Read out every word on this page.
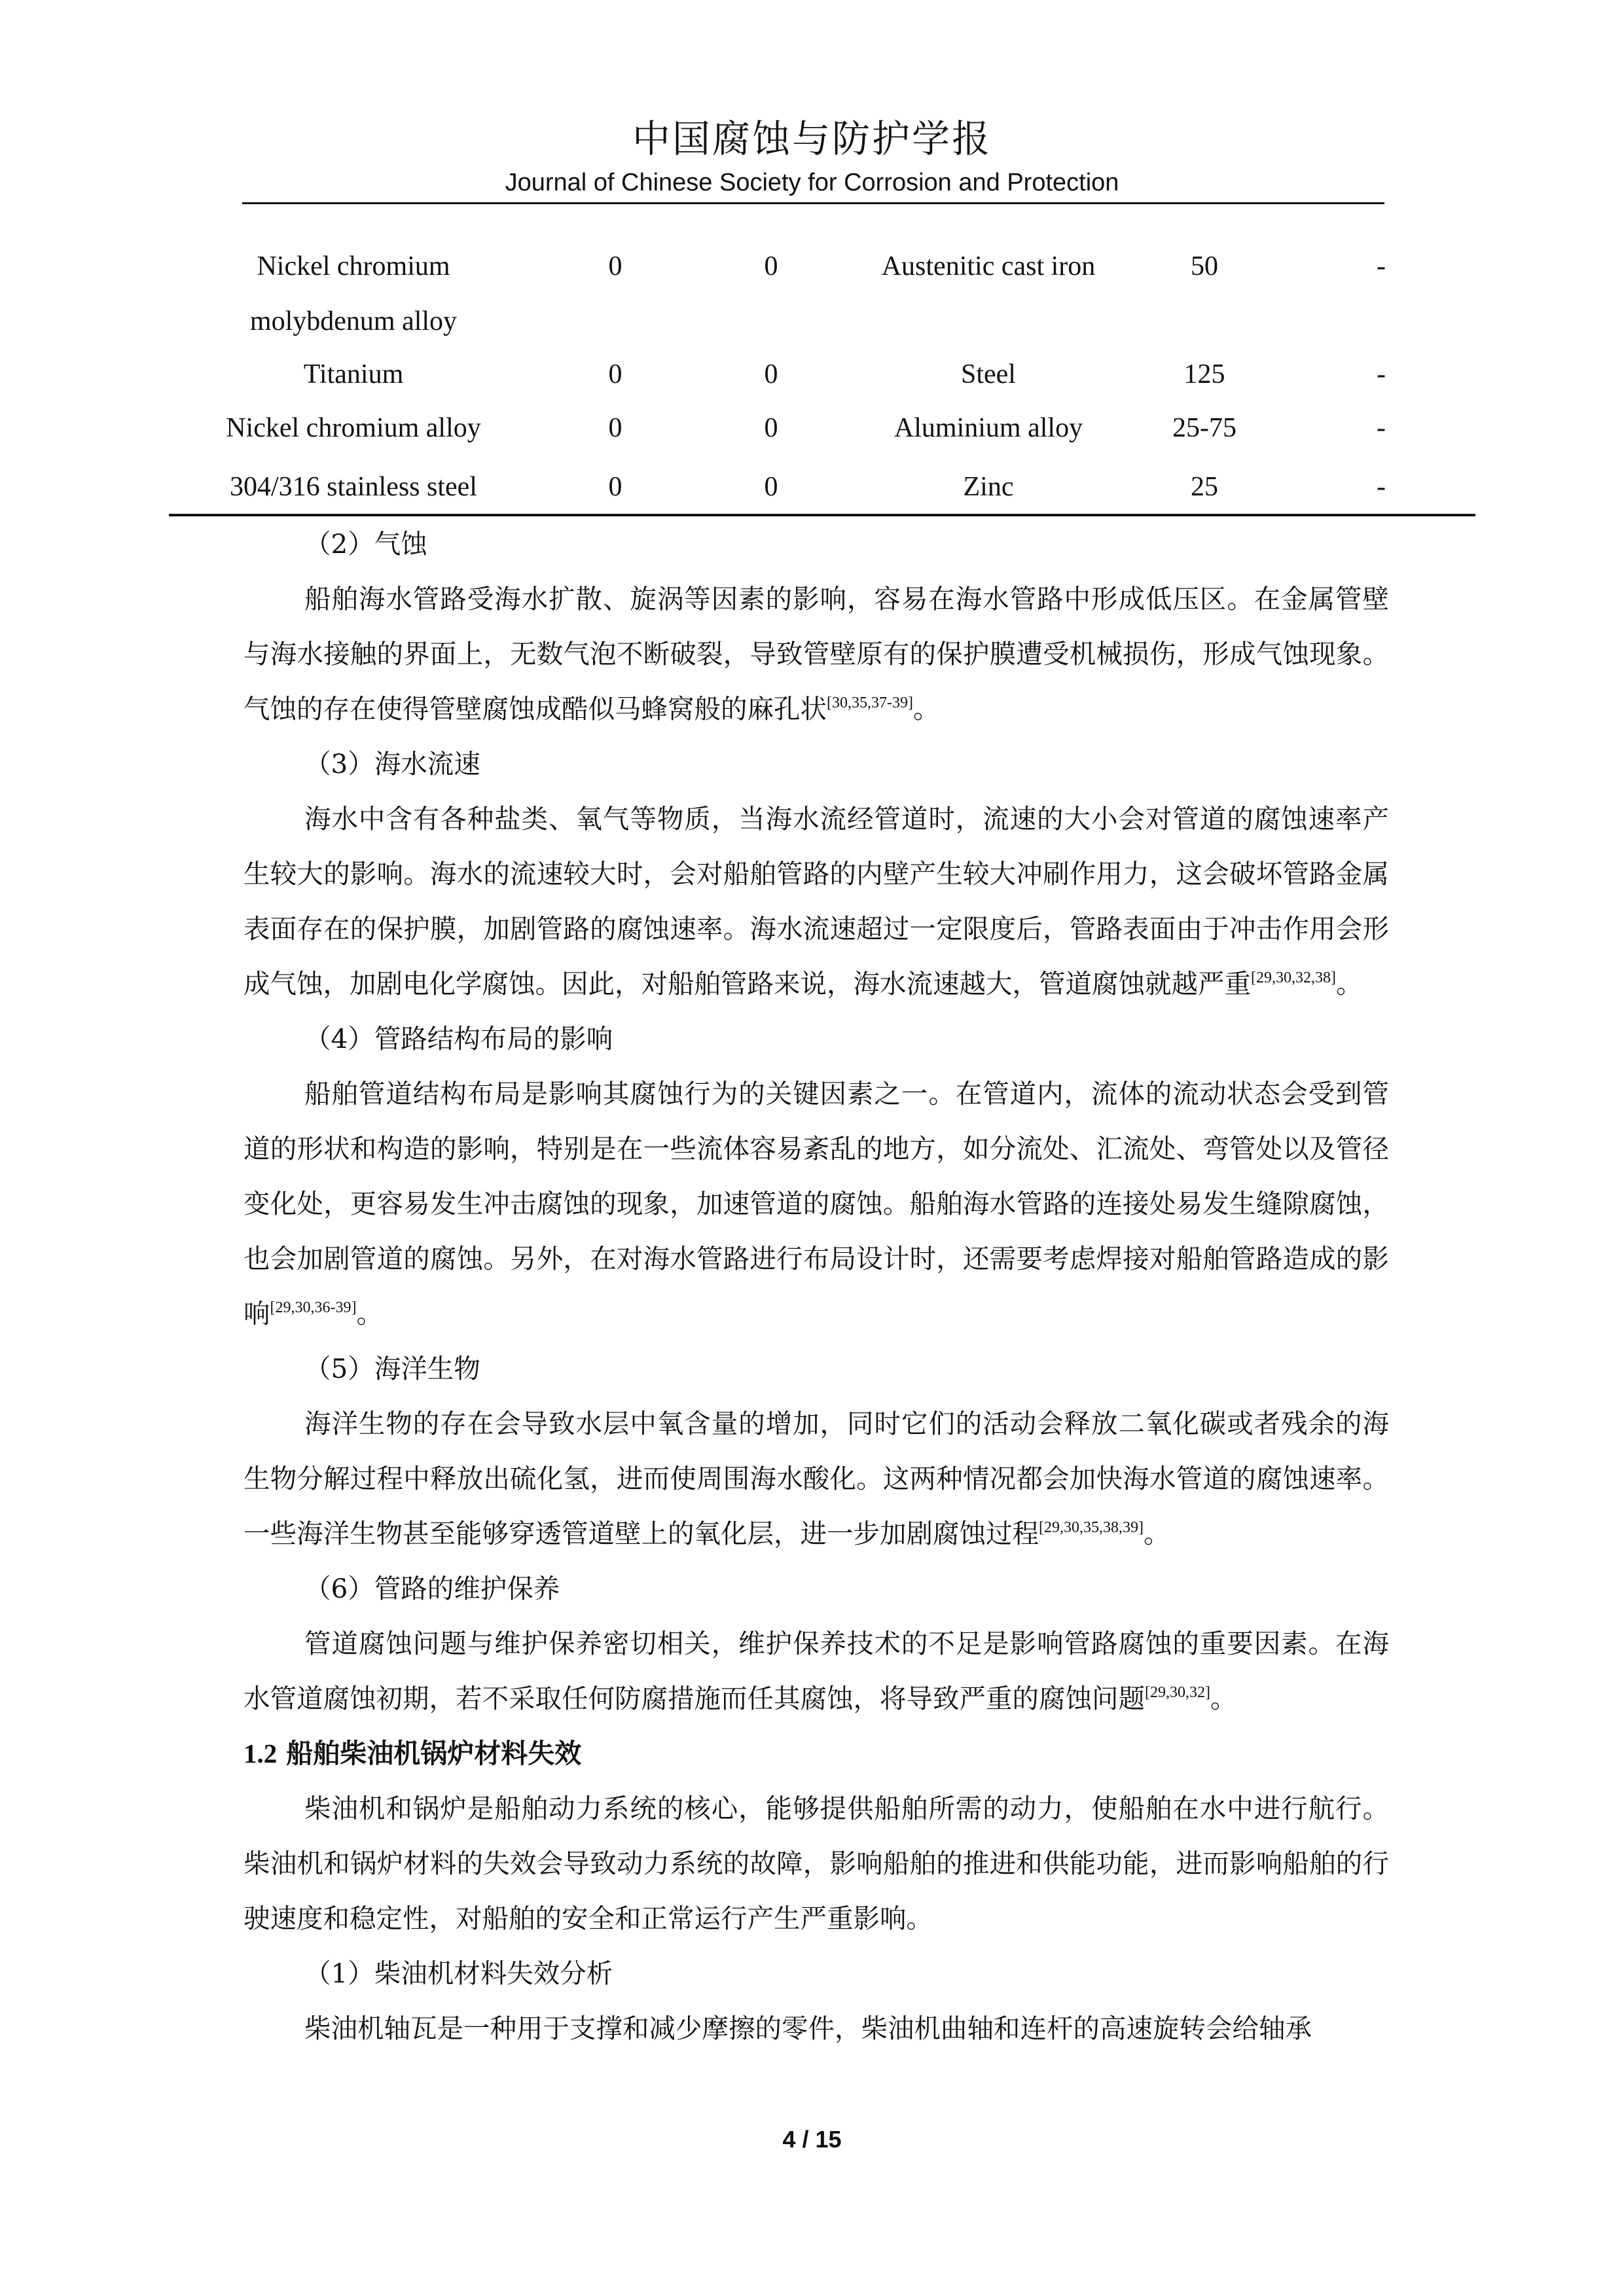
中国腐蚀与防护学报
Journal of Chinese Society for Corrosion and Protection
Nickel chromium	0	0	Austenitic cast iron	50	-
molybdenum alloy
Titanium	0	0	Steel	125	-
Nickel chromium alloy	0	0	Aluminium alloy	25-75	-
304/316 stainless steel	0	0	Zinc	25	-

（2）气蚀

船舶海水管路受海水扩散、旋涡等因素的影响，容易在海水管路中形成低压区。在金属管壁与海水接触的界面上，无数气泡不断破裂，导致管壁原有的保护膜遭受机械损伤，形成气蚀现象。气蚀的存在使得管壁腐蚀成酷似马蜂窝般的麻孔状[30,35,37-39]。

（3）海水流速

海水中含有各种盐类、氧气等物质，当海水流经管道时，流速的大小会对管道的腐蚀速率产生较大的影响。海水的流速较大时，会对船舶管路的内壁产生较大冲刷作用力，这会破坏管路金属表面存在的保护膜，加剧管路的腐蚀速率。海水流速超过一定限度后，管路表面由于冲击作用会形成气蚀，加剧电化学腐蚀。因此，对船舶管路来说，海水流速越大，管道腐蚀就越严重[29,30,32,38]。

（4）管路结构布局的影响

船舶管道结构布局是影响其腐蚀行为的关键因素之一。在管道内，流体的流动状态会受到管道的形状和构造的影响，特别是在一些流体容易紊乱的地方，如分流处、汇流处、弯管处以及管径变化处，更容易发生冲击腐蚀的现象，加速管道的腐蚀。船舶海水管路的连接处易发生缝隙腐蚀，也会加剧管道的腐蚀。另外，在对海水管路进行布局设计时，还需要考虑焊接对船舶管路造成的影响[29,30,36-39]。

（5）海洋生物

海洋生物的存在会导致水层中氧含量的增加，同时它们的活动会释放二氧化碳或者残余的海生物分解过程中释放出硫化氢，进而使周围海水酸化。这两种情况都会加快海水管道的腐蚀速率。一些海洋生物甚至能够穿透管道壁上的氧化层，进一步加剧腐蚀过程[29,30,35,38,39]。

（6）管路的维护保养

管道腐蚀问题与维护保养密切相关，维护保养技术的不足是影响管路腐蚀的重要因素。在海水管道腐蚀初期，若不采取任何防腐措施而任其腐蚀，将导致严重的腐蚀问题[29,30,32]。

1.2 船舶柴油机锅炉材料失效

柴油机和锅炉是船舶动力系统的核心，能够提供船舶所需的动力，使船舶在水中进行航行。柴油机和锅炉材料的失效会导致动力系统的故障，影响船舶的推进和供能功能，进而影响船舶的行驶速度和稳定性，对船舶的安全和正常运行产生严重影响。

（1）柴油机材料失效分析

柴油机轴瓦是一种用于支撑和减少摩擦的零件，柴油机曲轴和连杆的高速旋转会给轴承

4 / 15
